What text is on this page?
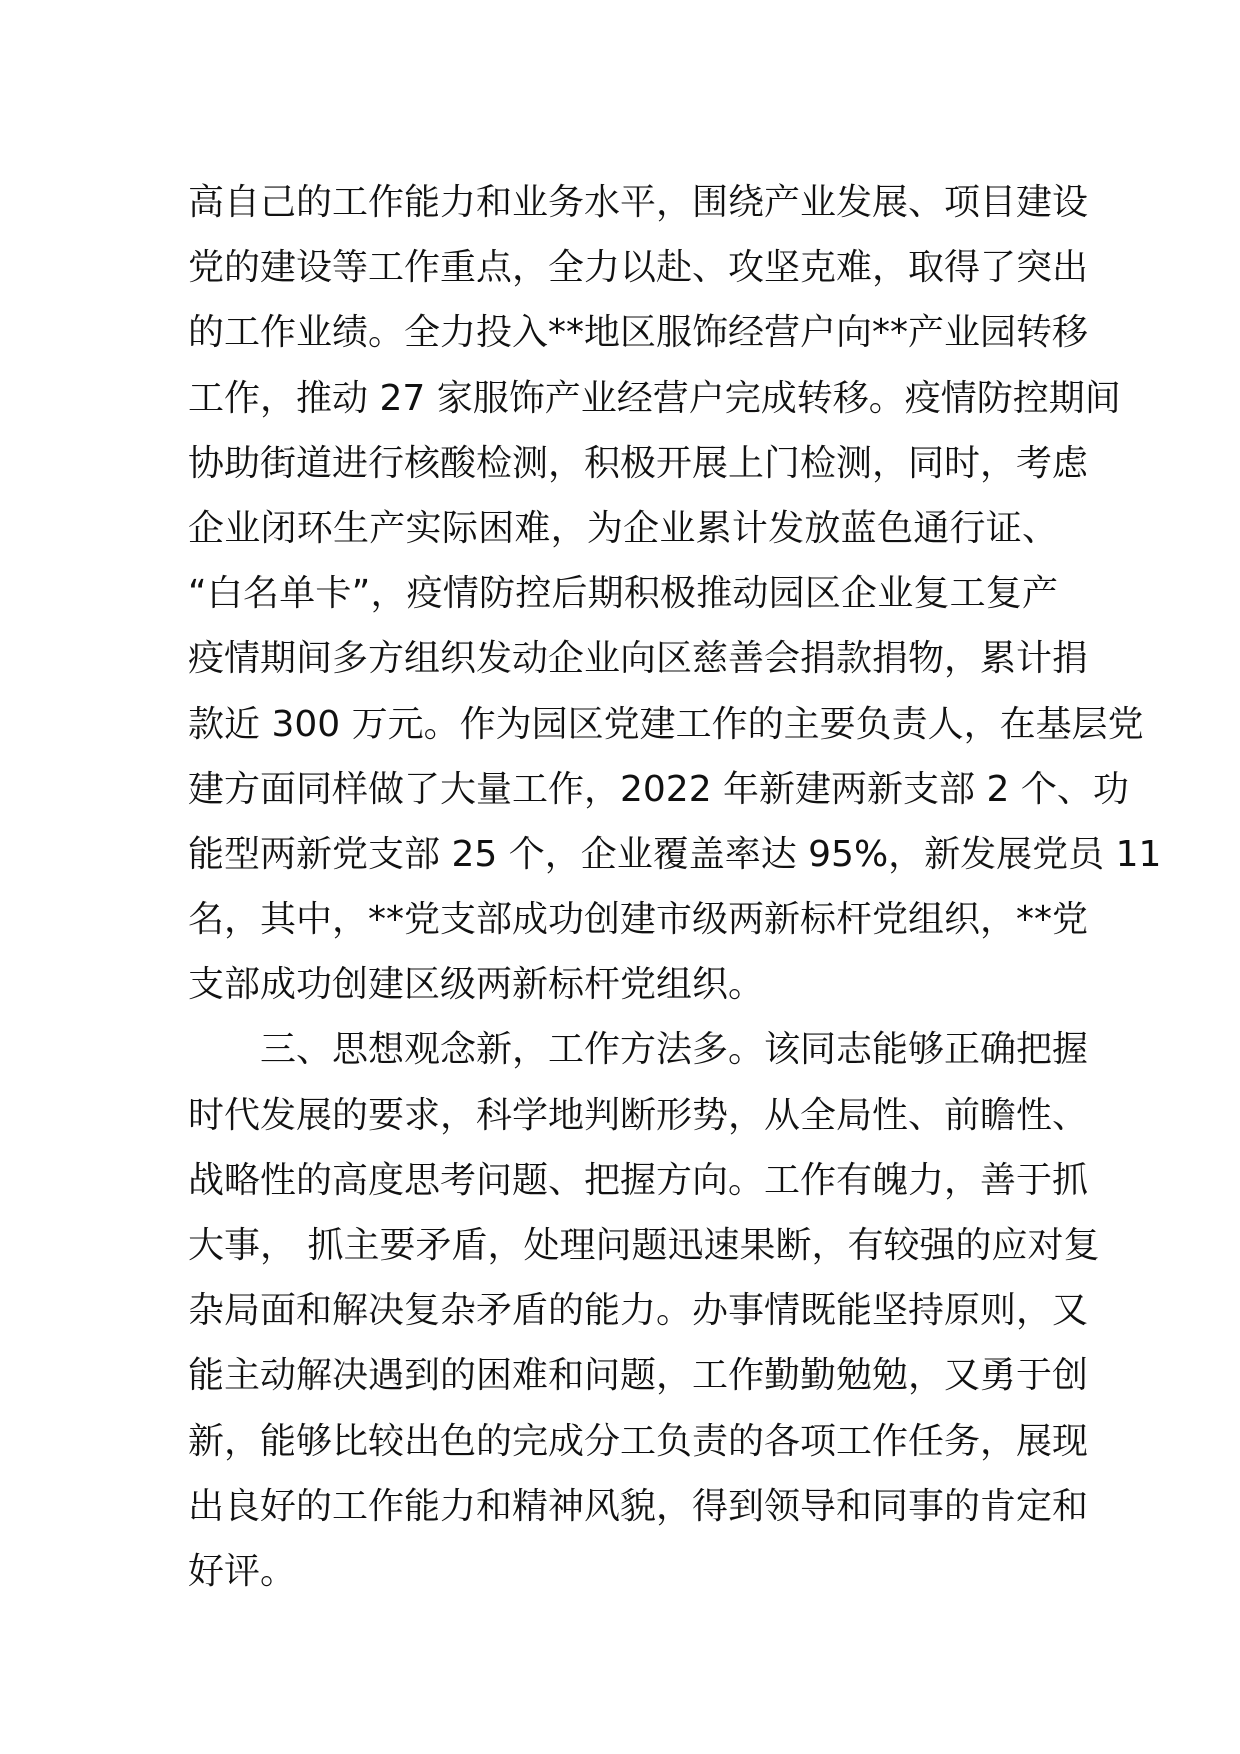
高自己的工作能力和业务水平，围绕产业发展、项目建设
党的建设等工作重点，全力以赴、攻坚克难，取得了突出
的工作业绩。全力投入**地区服饰经营户向**产业园转移
工作，推动 27 家服饰产业经营户完成转移。疫情防控期间
协助街道进行核酸检测，积极开展上门检测，同时，考虑
企业闭环生产实际困难，为企业累计发放蓝色通行证、
“白名单卡”，疫情防控后期积极推动园区企业复工复产
疫情期间多方组织发动企业向区慈善会捐款捐物，累计捐
款近 300 万元。作为园区党建工作的主要负责人，在基层党
建方面同样做了大量工作，2022 年新建两新支部 2 个、功
能型两新党支部 25 个，企业覆盖率达 95%，新发展党员 11
名，其中，**党支部成功创建市级两新标杆党组织，**党
支部成功创建区级两新标杆党组织。
三、思想观念新，工作方法多。该同志能够正确把握
时代发展的要求，科学地判断形势，从全局性、前瞻性、
战略性的高度思考问题、把握方向。工作有魄力，善于抓
大事， 抓主要矛盾，处理问题迅速果断，有较强的应对复
杂局面和解决复杂矛盾的能力。办事情既能坚持原则，又
能主动解决遇到的困难和问题，工作勤勤勉勉，又勇于创
新，能够比较出色的完成分工负责的各项工作任务，展现
出良好的工作能力和精神风貌，得到领导和同事的肯定和
好评。
